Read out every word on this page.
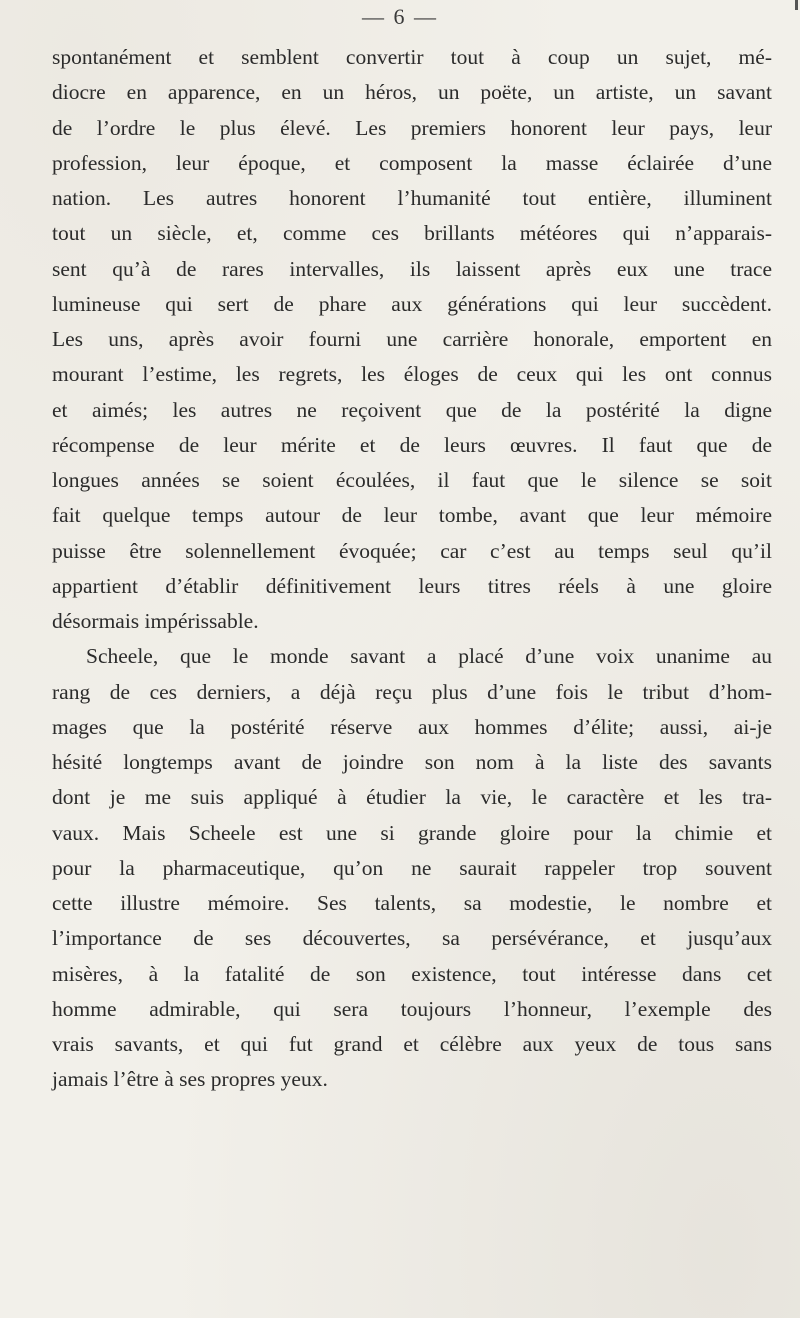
— 6 —
spontanément et semblent convertir tout à coup un sujet, mé-
diocre en apparence, en un héros, un poëte, un artiste, un savant
de l’ordre le plus élevé. Les premiers honorent leur pays, leur
profession, leur époque, et composent la masse éclairée d’une
nation. Les autres honorent l’humanité tout entière, illuminent
tout un siècle, et, comme ces brillants météores qui n’apparais-
sent qu’à de rares intervalles, ils laissent après eux une trace
lumineuse qui sert de phare aux générations qui leur succèdent.
Les uns, après avoir fourni une carrière honorale, emportent en
mourant l’estime, les regrets, les éloges de ceux qui les ont connus
et aimés; les autres ne reçoivent que de la postérité la digne
récompense de leur mérite et de leurs œuvres. Il faut que de
longues années se soient écoulées, il faut que le silence se soit
fait quelque temps autour de leur tombe, avant que leur mémoire
puisse être solennellement évoquée; car c’est au temps seul qu’il
appartient d’établir définitivement leurs titres réels à une gloire
désormais impérissable.
Scheele, que le monde savant a placé d’une voix unanime au
rang de ces derniers, a déjà reçu plus d’une fois le tribut d’hom-
mages que la postérité réserve aux hommes d’élite; aussi, ai-je
hésité longtemps avant de joindre son nom à la liste des savants
dont je me suis appliqué à étudier la vie, le caractère et les tra-
vaux. Mais Scheele est une si grande gloire pour la chimie et
pour la pharmaceutique, qu’on ne saurait rappeler trop souvent
cette illustre mémoire. Ses talents, sa modestie, le nombre et
l’importance de ses découvertes, sa persévérance, et jusqu’aux
misères, à la fatalité de son existence, tout intéresse dans cet
homme admirable, qui sera toujours l’honneur, l’exemple des
vrais savants, et qui fut grand et célèbre aux yeux de tous sans
jamais l’être à ses propres yeux.
